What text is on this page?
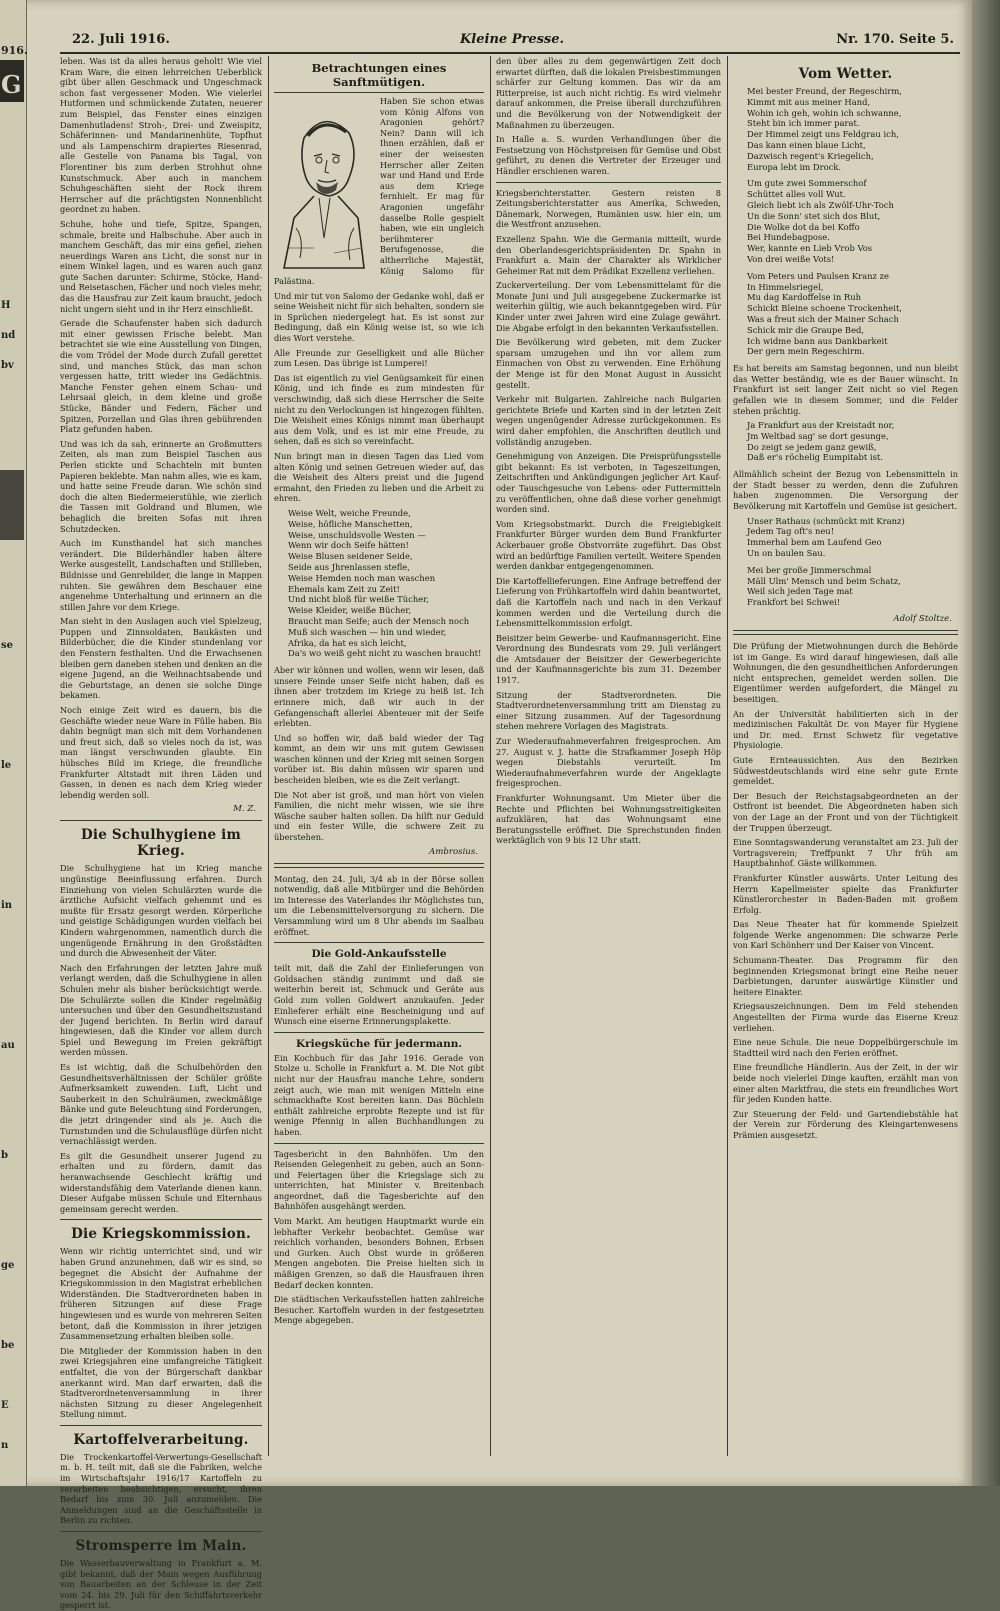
916.
G
H
nd
bv
se
le
in
au
b
ge
be
E
n
22. Juli 1916.	Kleine Presse.	Nr. 170. Seite 5.

leben. Was ist da alles heraus geholt! Wie viel Kram Ware, die einen lehrreichen Ueberblick gibt über allen Geschmack und Ungeschmack schon fast vergessener Moden. Wie vielerlei Hutformen und schmückende Zutaten, neuerer zum Beispiel, das Fenster eines einzigen Damenhutladens! Stroh-, Drei- und Zweispitz, Schäferinnen- und Mandarinenhüte, Topfhut und als Lampenschirm drapiertes Riesenrad, alle Gestelle von Panama bis Tagal, von Florentiner bis zum derben Strohhut ohne Kunstschmuck. Aber auch in manchem Schuhgeschäften sieht der Rock ihrem Herrscher auf die prächtigsten Nonnenblicht geordnet zu haben.

Schuhe, hohe und tiefe, Spitze, Spangen, schmale, breite und Halbschuhe. Aber auch in manchem Geschäft, das mir eins gefiel, ziehen neuerdings Waren ans Licht, die sonst nur in einem Winkel lagen, und es waren auch ganz gute Sachen darunter: Schirme, Stöcke, Hand- und Reisetaschen, Fächer und noch vieles mehr, das die Hausfrau zur Zeit kaum braucht, jedoch nicht ungern sieht und in ihr Herz einschließt.

Gerade die Schaufenster haben sich dadurch mit einer gewissen Frische belebt. Man betrachtet sie wie eine Ausstellung von Dingen, die vom Trödel der Mode durch Zufall gerettet sind, und manches Stück, das man schon vergessen hatte, tritt wieder ins Gedächtnis. Manche Fenster gehen einem Schau- und Lehrsaal gleich, in dem kleine und große Stücke, Bänder und Federn, Fächer und Spitzen, Porzellan und Glas ihren gebührenden Platz gefunden haben.

Und was ich da sah, erinnerte an Großmutters Zeiten, als man zum Beispiel Taschen aus Perlen stickte und Schachteln mit bunten Papieren beklebte. Man nahm alles, wie es kam, und hatte seine Freude daran. Wie schön sind doch die alten Biedermeierstühle, wie zierlich die Tassen mit Goldrand und Blumen, wie behaglich die breiten Sofas mit ihren Schutzdecken.

Auch im Kunsthandel hat sich manches verändert. Die Bilderhändler haben ältere Werke ausgestellt, Landschaften und Stillleben, Bildnisse und Genrebilder, die lange in Mappen ruhten. Sie gewähren dem Beschauer eine angenehme Unterhaltung und erinnern an die stillen Jahre vor dem Kriege.

Man sieht in den Auslagen auch viel Spielzeug, Puppen und Zinnsoldaten, Baukästen und Bilderbücher, die die Kinder stundenlang vor den Fenstern festhalten. Und die Erwachsenen bleiben gern daneben stehen und denken an die eigene Jugend, an die Weihnachtsabende und die Geburtstage, an denen sie solche Dinge bekamen.

Noch einige Zeit wird es dauern, bis die Geschäfte wieder neue Ware in Fülle haben. Bis dahin begnügt man sich mit dem Vorhandenen und freut sich, daß so vieles noch da ist, was man längst verschwunden glaubte. Ein hübsches Bild im Kriege, die freundliche Frankfurter Altstadt mit ihren Läden und Gassen, in denen es nach dem Krieg wieder lebendig werden soll.

M. Z.
Die Schulhygiene im Krieg.

Die Schulhygiene hat im Krieg manche ungünstige Beeinflussung erfahren. Durch Einziehung von vielen Schulärzten wurde die ärztliche Aufsicht vielfach gehemmt und es mußte für Ersatz gesorgt werden. Körperliche und geistige Schädigungen wurden vielfach bei Kindern wahrgenommen, namentlich durch die ungenügende Ernährung in den Großstädten und durch die Abwesenheit der Väter.

Nach den Erfahrungen der letzten Jahre muß verlangt werden, daß die Schulhygiene in allen Schulen mehr als bisher berücksichtigt werde. Die Schulärzte sollen die Kinder regelmäßig untersuchen und über den Gesundheitszustand der Jugend berichten. In Berlin wird darauf hingewiesen, daß die Kinder vor allem durch Spiel und Bewegung im Freien gekräftigt werden müssen.

Es ist wichtig, daß die Schulbehörden den Gesundheitsverhältnissen der Schüler größte Aufmerksamkeit zuwenden. Luft, Licht und Sauberkeit in den Schulräumen, zweckmäßige Bänke und gute Beleuchtung sind Forderungen, die jetzt dringender sind als je. Auch die Turnstunden und die Schulausflüge dürfen nicht vernachlässigt werden.

Es gilt die Gesundheit unserer Jugend zu erhalten und zu fördern, damit das heranwachsende Geschlecht kräftig und widerstandsfähig dem Vaterlande dienen kann. Dieser Aufgabe müssen Schule und Elternhaus gemeinsam gerecht werden.

Die Kriegskommission.

Wenn wir richtig unterrichtet sind, und wir haben Grund anzunehmen, daß wir es sind, so begegnet die Absicht der Aufnahme der Kriegskommission in den Magistrat erheblichen Widerständen. Die Stadtverordneten haben in früheren Sitzungen auf diese Frage hingewiesen und es wurde von mehreren Seiten betont, daß die Kommission in ihrer jetzigen Zusammensetzung erhalten bleiben solle.

Die Mitglieder der Kommission haben in den zwei Kriegsjahren eine umfangreiche Tätigkeit entfaltet, die von der Bürgerschaft dankbar anerkannt wird. Man darf erwarten, daß die Stadtverordnetenversammlung in ihrer nächsten Sitzung zu dieser Angelegenheit Stellung nimmt.

Kartoffelverarbeitung.

Die Trockenkartoffel-Verwertungs-Gesellschaft m. b. H. teilt mit, daß sie die Fabriken, welche im Wirtschaftsjahr 1916/17 Kartoffeln zu verarbeiten beabsichtigen, ersucht, ihren Bedarf bis zum 30. Juli anzumelden. Die Anmeldungen sind an die Geschäftsstelle in Berlin zu richten.

Stromsperre im Main.

Die Wasserbauverwaltung in Frankfurt a. M. gibt bekannt, daß der Main wegen Ausführung von Bauarbeiten an der Schleuse in der Zeit vom 24. bis 29. Juli für den Schiffahrtsverkehr gesperrt ist.

Betrachtungen eines Sanftmütigen.

Haben Sie schon etwas vom König Alfons von Aragonien gehört? Nein? Dann will ich Ihnen erzählen, daß er einer der weisesten Herrscher aller Zeiten war und Hand und Erde aus dem Kriege fernhielt. Er mag für Aragonien ungefähr dasselbe Rolle gespielt haben, wie ein ungleich berühmterer Berufsgenosse, die altherrliche Majestät, König Salomo für Palästina.

Und mir tut von Salomo der Gedanke wohl, daß er seine Weisheit nicht für sich behalten, sondern sie in Sprüchen niedergelegt hat. Es ist sonst zur Bedingung, daß ein König weise ist, so wie ich dies Wort verstehe.

Alle Freunde zur Geselligkeit und alle Bücher zum Lesen. Das übrige ist Lumperei!

Das ist eigentlich zu viel Genügsamkeit für einen König, und ich finde es zum mindesten für verschwindig, daß sich diese Herrscher die Seite nicht zu den Verlockungen ist hingezogen fühlten. Die Weisheit eines Königs nimmt man überhaupt aus dem Volk, und es ist mir eine Freude, zu sehen, daß es sich so vereinfacht.

Nun bringt man in diesen Tagen das Lied vom alten König und seinen Getreuen wieder auf, das die Weisheit des Alters preist und die Jugend ermahnt, den Frieden zu lieben und die Arbeit zu ehren.

Weise Welt, weiche Freunde,
Weise, höfliche Manschetten,
Weise, unschuldsvolle Westen —
Wenn wir doch Seife hätten!
Weise Blusen seidener Seide,
Seide aus Jhrenlassen stefle,
Weise Hemden noch man waschen
Ehemals kam Zeit zu Zeit!
Und nicht bloß für weiße Tücher,
Weise Kleider, weiße Bücher,
Braucht man Seife; auch der Mensch noch
Muß sich waschen — hin und wieder,
Afrika, da hat es sich leicht,
Da's wo weiß geht nicht zu waschen braucht!

Aber wir können und wollen, wenn wir lesen, daß unsere Feinde unser Seife nicht haben, daß es ihnen aber trotzdem im Kriege zu heiß ist. Ich erinnere mich, daß wir auch in der Gefangenschaft allerlei Abenteuer mit der Seife erlebten.

Und so hoffen wir, daß bald wieder der Tag kommt, an dem wir uns mit gutem Gewissen waschen können und der Krieg mit seinen Sorgen vorüber ist. Bis dahin müssen wir sparen und bescheiden bleiben, wie es die Zeit verlangt.

Die Not aber ist groß, und man hört von vielen Familien, die nicht mehr wissen, wie sie ihre Wäsche sauber halten sollen. Da hilft nur Geduld und ein fester Wille, die schwere Zeit zu überstehen.

Ambrosius.

Montag, den 24. Juli, 3/4 ab in der Börse sollen notwendig, daß alle Mitbürger und die Behörden im Interesse des Vaterlandes ihr Möglichstes tun, um die Lebensmittelversorgung zu sichern. Die Versammlung wird um 8 Uhr abends im Saalbau eröffnet.

Die Gold-Ankaufsstelle

teilt mit, daß die Zahl der Einlieferungen von Goldsachen ständig zunimmt und daß sie weiterhin bereit ist, Schmuck und Geräte aus Gold zum vollen Goldwert anzukaufen. Jeder Einlieferer erhält eine Bescheinigung und auf Wunsch eine eiserne Erinnerungsplakette.

Kriegsküche für jedermann.

Ein Kochbuch für das Jahr 1916. Gerade von Stolze u. Scholle in Frankfurt a. M. Die Not gibt nicht nur der Hausfrau manche Lehre, sondern zeigt auch, wie man mit wenigen Mitteln eine schmackhafte Kost bereiten kann. Das Büchlein enthält zahlreiche erprobte Rezepte und ist für wenige Pfennig in allen Buchhandlungen zu haben.

Tagesbericht in den Bahnhöfen. Um den Reisenden Gelegenheit zu geben, auch an Sonn- und Feiertagen über die Kriegslage sich zu unterrichten, hat Minister v. Breitenbach angeordnet, daß die Tagesberichte auf den Bahnhöfen ausgehängt werden.

Vom Markt. Am heutigen Hauptmarkt wurde ein lebhafter Verkehr beobachtet. Gemüse war reichlich vorhanden, besonders Bohnen, Erbsen und Gurken. Auch Obst wurde in größeren Mengen angeboten. Die Preise hielten sich in mäßigen Grenzen, so daß die Hausfrauen ihren Bedarf decken konnten.

Die städtischen Verkaufsstellen hatten zahlreiche Besucher. Kartoffeln wurden in der festgesetzten Menge abgegeben.

den über alles zu dem gegenwärtigen Zeit doch erwartet dürften, daß die lokalen Preisbestimmungen schärfer zur Geltung kommen. Das wir da am Ritterpreise, ist auch nicht richtig. Es wird vielmehr darauf ankommen, die Preise überall durchzuführen und die Bevölkerung von der Notwendigkeit der Maßnahmen zu überzeugen.

In Halle a. S. wurden Verhandlungen über die Festsetzung von Höchstpreisen für Gemüse und Obst geführt, zu denen die Vertreter der Erzeuger und Händler erschienen waren.

Kriegsberichterstatter. Gestern reisten 8 Zeitungsberichterstatter aus Amerika, Schweden, Dänemark, Norwegen, Rumänien usw. hier ein, um die Westfront anzusehen.

Exzellenz Spahn. Wie die Germania mitteilt, wurde den Oberlandesgerichtspräsidenten Dr. Spahn in Frankfurt a. Main der Charakter als Wirklicher Geheimer Rat mit dem Prädikat Exzellenz verliehen.

Zuckerverteilung. Der vom Lebensmittelamt für die Monate Juni und Juli ausgegebene Zuckermarke ist weiterhin gültig, wie auch bekanntgegeben wird. Für Kinder unter zwei Jahren wird eine Zulage gewährt. Die Abgabe erfolgt in den bekannten Verkaufsstellen.

Die Bevölkerung wird gebeten, mit dem Zucker sparsam umzugehen und ihn vor allem zum Einmachen von Obst zu verwenden. Eine Erhöhung der Menge ist für den Monat August in Aussicht gestellt.

Verkehr mit Bulgarien. Zahlreiche nach Bulgarien gerichtete Briefe und Karten sind in der letzten Zeit wegen ungenügender Adresse zurückgekommen. Es wird daher empfohlen, die Anschriften deutlich und vollständig anzugeben.

Genehmigung von Anzeigen. Die Preisprüfungsstelle gibt bekannt: Es ist verboten, in Tageszeitungen, Zeitschriften und Ankündigungen jeglicher Art Kauf- oder Tauschgesuche von Lebens- oder Futtermitteln zu veröffentlichen, ohne daß diese vorher genehmigt worden sind.

Vom Kriegsobstmarkt. Durch die Freigiebigkeit Frankfurter Bürger wurden dem Bund Frankfurter Ackerbauer große Obstvorräte zugeführt. Das Obst wird an bedürftige Familien verteilt. Weitere Spenden werden dankbar entgegengenommen.

Die Kartoffellieferungen. Eine Anfrage betreffend der Lieferung von Frühkartoffeln wird dahin beantwortet, daß die Kartoffeln nach und nach in den Verkauf kommen werden und die Verteilung durch die Lebensmittelkommission erfolgt.

Beisitzer beim Gewerbe- und Kaufmannsgericht. Eine Verordnung des Bundesrats vom 29. Juli verlängert die Amtsdauer der Beisitzer der Gewerbegerichte und der Kaufmannsgerichte bis zum 31. Dezember 1917.

Sitzung der Stadtverordneten. Die Stadtverordnetenversammlung tritt am Dienstag zu einer Sitzung zusammen. Auf der Tagesordnung stehen mehrere Vorlagen des Magistrats.

Zur Wiederaufnahmeverfahren freigesprochen. Am 27. August v. J. hatte die Strafkammer Joseph Höp wegen Diebstahls verurteilt. Im Wiederaufnahmeverfahren wurde der Angeklagte freigesprochen.

Frankfurter Wohnungsamt. Um Mieter über die Rechte und Pflichten bei Wohnungsstreitigkeiten aufzuklären, hat das Wohnungsamt eine Beratungsstelle eröffnet. Die Sprechstunden finden werktäglich von 9 bis 12 Uhr statt.

Vom Wetter.
Mei bester Freund, der Regeschirm,
Kimmt mit aus meiner Hand,
Wohin ich geh, wohin ich schwanne,
Steht bin ich immer parat.
Der Himmel zeigt uns Feldgrau ich,
Das kann einen blaue Licht,
Dazwisch regent's Kriegelich,
Europa lebt im Drock.
Um gute zwei Sommerschof
Schüttet alles voll Wut.
Gleich liebt ich als Zwölf-Uhr-Toch
Un die Sonn' stet sich dos Blut,
Die Wolke dot da bei Koffo
Bei Hundebagpose.
Wer, kannte en Lieb Vrob Vos
Von drei weiße Vots!
Vom Peters und Paulsen Kranz ze
In Himmelsriegel,
Mu dag Kardoffelse in Ruh
Schickt Bleine schoene Trockenheit,
Was a freut sich der Mainer Schach
Schick mir die Graupe Bed,
Ich widme bann aus Dankbarkeit
Der gern mein Regeschirm.

Es hat bereits am Samstag begonnen, und nun bleibt das Wetter beständig, wie es der Bauer wünscht. In Frankfurt ist seit langer Zeit nicht so viel Regen gefallen wie in diesem Sommer, und die Felder stehen prächtig.

Ja Frankfurt aus der Kreistadt nor,
Jm Weltbad sag' se dort gesunge,
Do zeigt se jedem ganz gewiß,
Daß er's röchelig Eumpitabt ist.

Allmählich scheint der Bezug von Lebensmitteln in der Stadt besser zu werden, denn die Zufuhren haben zugenommen. Die Versorgung der Bevölkerung mit Kartoffeln und Gemüse ist gesichert.

Unser Rathaus (schmückt mit Kranz)
Jedem Tag oft's neu!
Immerhal bem am Laufend Geo
Un on baulen Sau.
Mei ber große Jimmerschmal
Mäll Ulm' Mensch und beim Schatz,
Weil sich jeden Tage mat
Frankfort bei Schwei!
Adolf Stoltze.

Die Prüfung der Mietwohnungen durch die Behörde ist im Gange. Es wird darauf hingewiesen, daß alle Wohnungen, die den gesundheitlichen Anforderungen nicht entsprechen, gemeldet werden sollen. Die Eigentümer werden aufgefordert, die Mängel zu beseitigen.

An der Universität habilitierten sich in der medizinischen Fakultät Dr. von Mayer für Hygiene und Dr. med. Ernst Schwetz für vegetative Physiologie.

Gute Ernteaussichten. Aus den Bezirken Südwestdeutschlands wird eine sehr gute Ernte gemeldet.

Der Besuch der Reichstagsabgeordneten an der Ostfront ist beendet. Die Abgeordneten haben sich von der Lage an der Front und von der Tüchtigkeit der Truppen überzeugt.

Eine Sonntagswanderung veranstaltet am 23. Juli der Vortragsverein; Treffpunkt 7 Uhr früh am Hauptbahnhof. Gäste willkommen.

Frankfurter Künstler auswärts. Unter Leitung des Herrn Kapellmeister spielte das Frankfurter Künstlerorchester in Baden-Baden mit großem Erfolg.

Das Neue Theater hat für kommende Spielzeit folgende Werke angenommen: Die schwarze Perle von Karl Schönherr und Der Kaiser von Vincent.

Schumann-Theater. Das Programm für den beginnenden Kriegsmonat bringt eine Reihe neuer Darbietungen, darunter auswärtige Künstler und heitere Einakter.

Kriegsauszeichnungen. Dem im Feld stehenden Angestellten der Firma wurde das Eiserne Kreuz verliehen.

Eine neue Schule. Die neue Doppelbürgerschule im Stadtteil wird nach den Ferien eröffnet.

Eine freundliche Händlerin. Aus der Zeit, in der wir beide noch vielerlei Dinge kauften, erzählt man von einer alten Marktfrau, die stets ein freundliches Wort für jeden Kunden hatte.

Zur Steuerung der Feld- und Gartendiebstähle hat der Verein zur Förderung des Kleingartenwesens Prämien ausgesetzt.
